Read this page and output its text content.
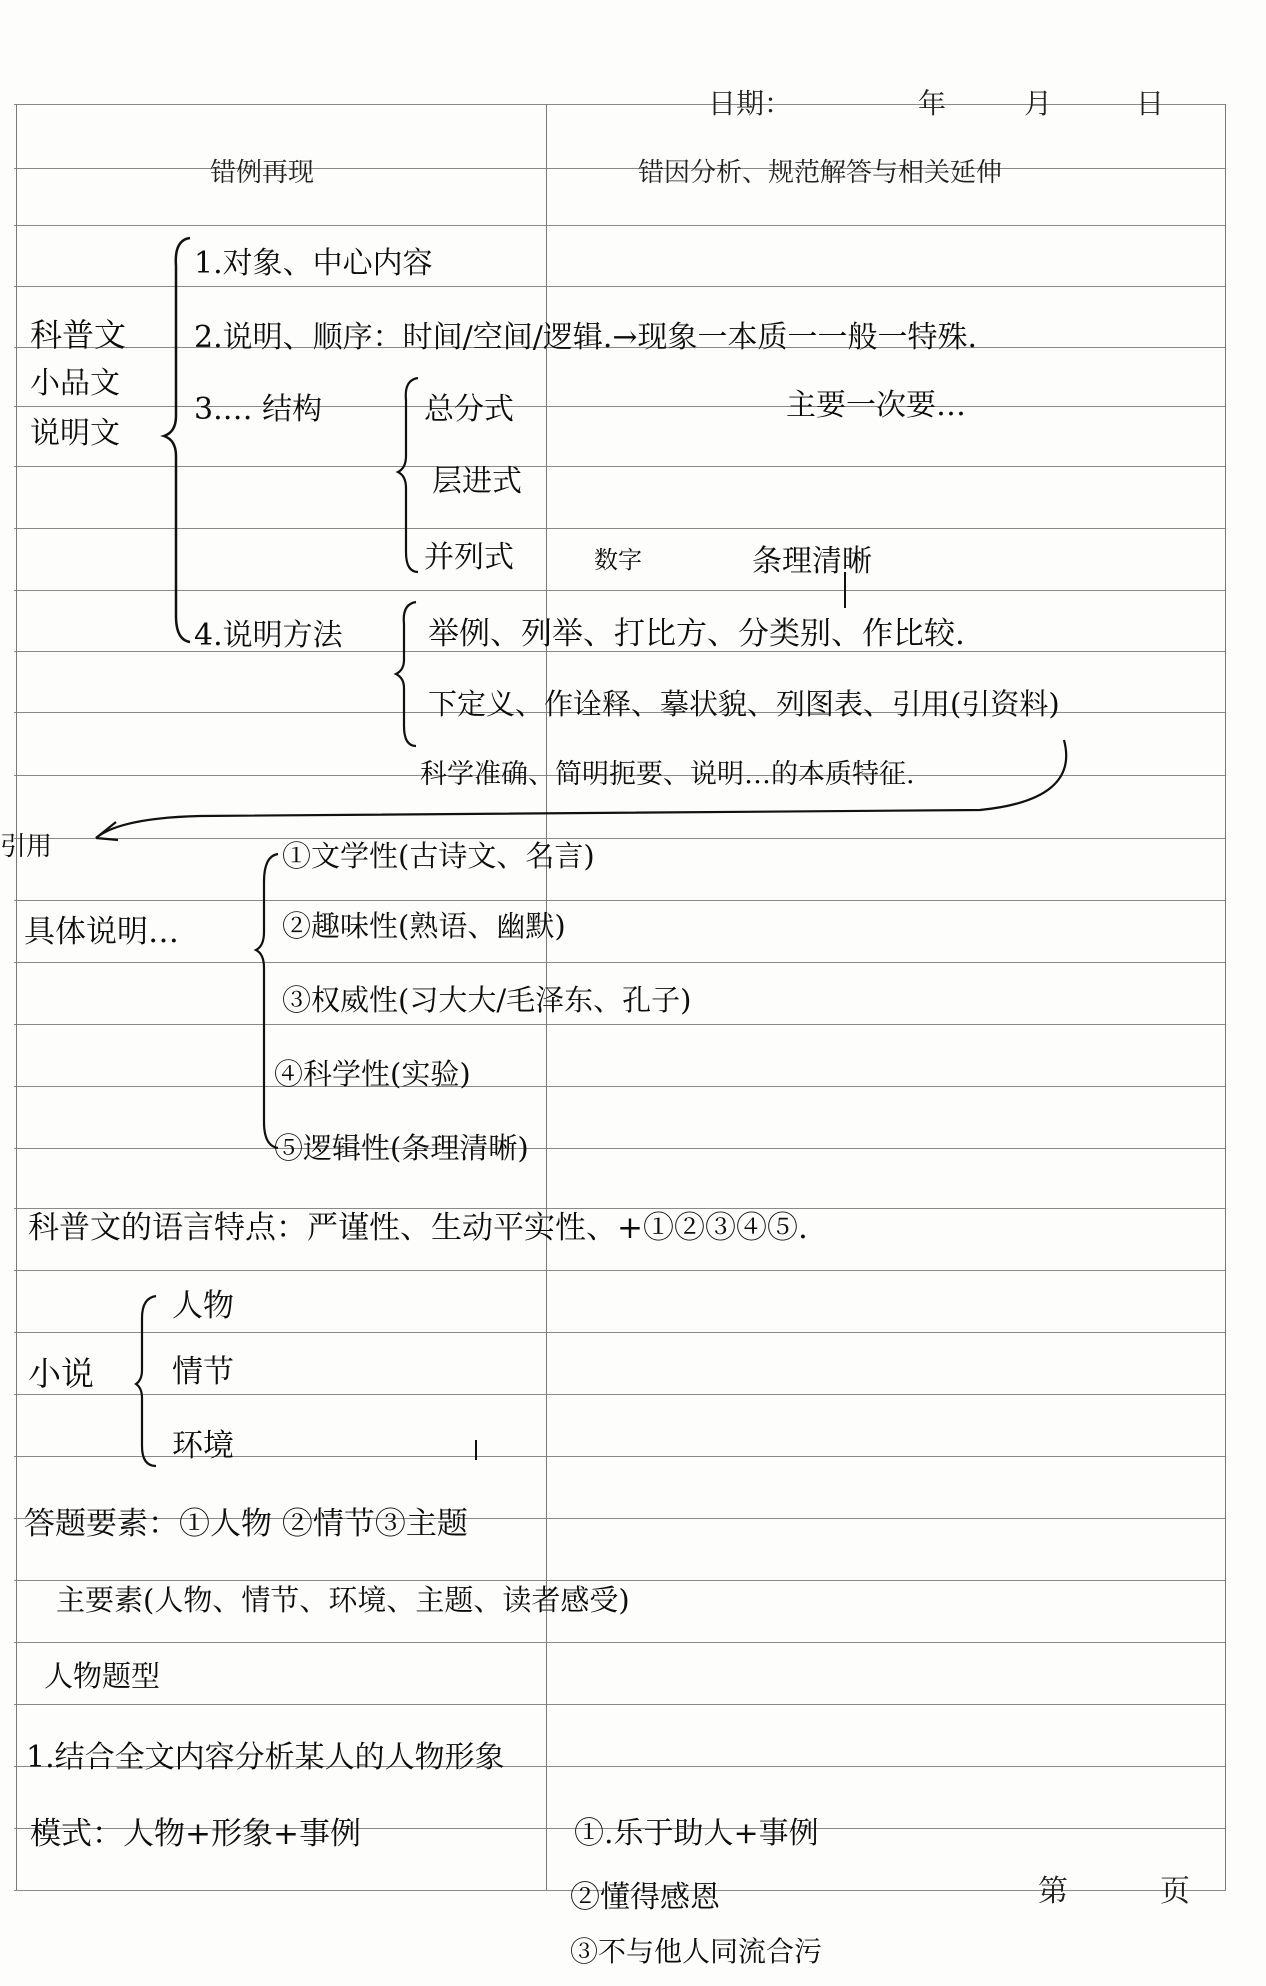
日期：	年	月	日
错例再现	错因分析、规范解答与相关延伸
科普文
小品文
说明文
1.对象、中心内容
2.说明、顺序：时间/空间/逻辑.→现象一本质一一般一特殊.
主要一次要…
3.… 结构	总分式
层进式
并列式	数字	条理清晰
4.说明方法	举例、列举、打比方、分类别、作比较.
下定义、作诠释、摹状貌、列图表、引用(引资料)
科学准确、简明扼要、说明…的本质特征.
引用
具体说明…
①文学性(古诗文、名言)
②趣味性(熟语、幽默)
③权威性(习大大/毛泽东、孔子)
④科学性(实验)
⑤逻辑性(条理清晰)
科普文的语言特点：严谨性、生动平实性、+①②③④⑤.
小说
人物
情节
环境
答题要素：①人物 ②情节③主题
主要素(人物、情节、环境、主题、读者感受)
人物题型
1.结合全文内容分析某人的人物形象
模式：人物+形象+事例	①.乐于助人+事例
②懂得感恩
③不与他人同流合污
第	页
